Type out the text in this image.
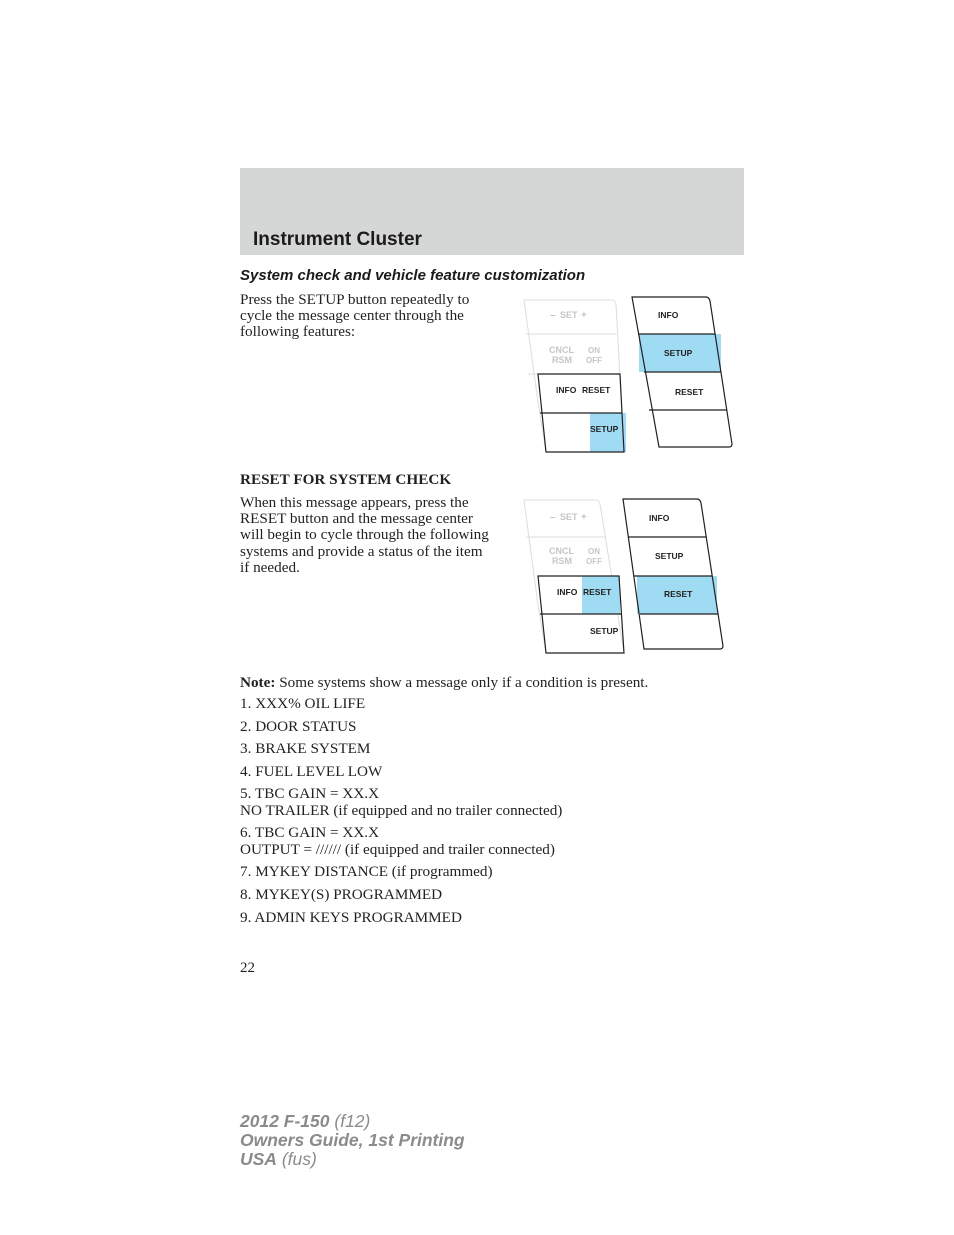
Instrument Cluster
System check and vehicle feature customization

Press the SETUP button repeatedly to cycle the message center through the following features:

– SET +
CNCL
RSM
ON
OFF
INFO RESET
SETUP
INFO
SETUP
RESET
RESET FOR SYSTEM CHECK

When this message appears, press the RESET button and the message center will begin to cycle through the following systems and provide a status of the item if needed.

– SET +
CNCL
RSM
ON
OFF
INFO RESET
SETUP
INFO
SETUP
RESET

Note: Some systems show a message only if a condition is present.

1. XXX% OIL LIFE
2. DOOR STATUS
3. BRAKE SYSTEM
4. FUEL LEVEL LOW
5. TBC GAIN = XX.X
NO TRAILER (if equipped and no trailer connected)
6. TBC GAIN = XX.X
OUTPUT = ////// (if equipped and trailer connected)
7. MYKEY DISTANCE (if programmed)
8. MYKEY(S) PROGRAMMED
9. ADMIN KEYS PROGRAMMED

22

2012 F-150 (f12)
Owners Guide, 1st Printing
USA (fus)
